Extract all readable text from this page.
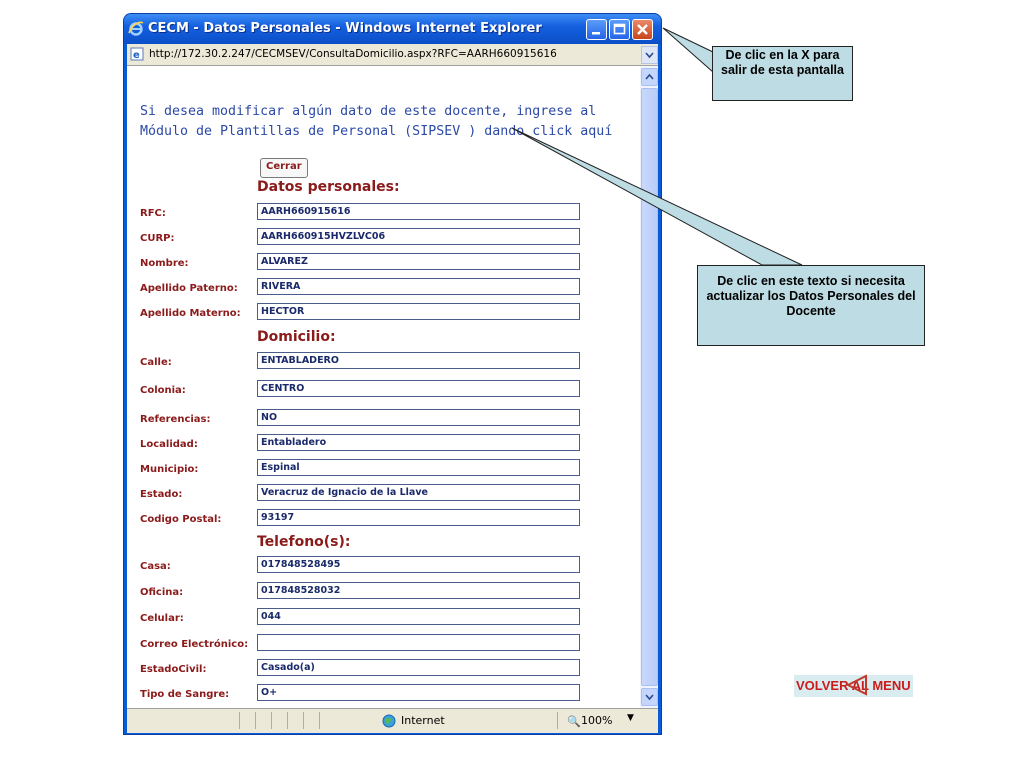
CECM - Datos Personales - Windows Internet Explorer
e http://172.30.2.247/CECMSEV/ConsultaDomicilio.aspx?RFC=AARH660915616
Si desea modificar algún dato de este docente, ingrese al
Módulo de Plantillas de Personal (SIPSEV ) dando click aquí
Cerrar
Datos personales:
RFC:	AARH660915616
CURP:	AARH660915HVZLVC06
Nombre:	ALVAREZ
Apellido Paterno:	RIVERA
Apellido Materno:	HECTOR
Domicilio:
Calle:	ENTABLADERO
Colonia:	CENTRO
Referencias:	NO
Localidad:	Entabladero
Municipio:	Espinal
Estado:	Veracruz de Ignacio de la Llave
Codigo Postal:	93197
Telefono(s):
Casa:	017848528495
Oficina:	017848528032
Celular:	044
Correo Electrónico:
EstadoCivil:	Casado(a)
Tipo de Sangre:	O+
Internet	🔍 100% ▼
De clic en la X para salir de esta pantalla
De clic en este texto si necesita actualizar los Datos Personales del Docente
VOLVER AL MENU
